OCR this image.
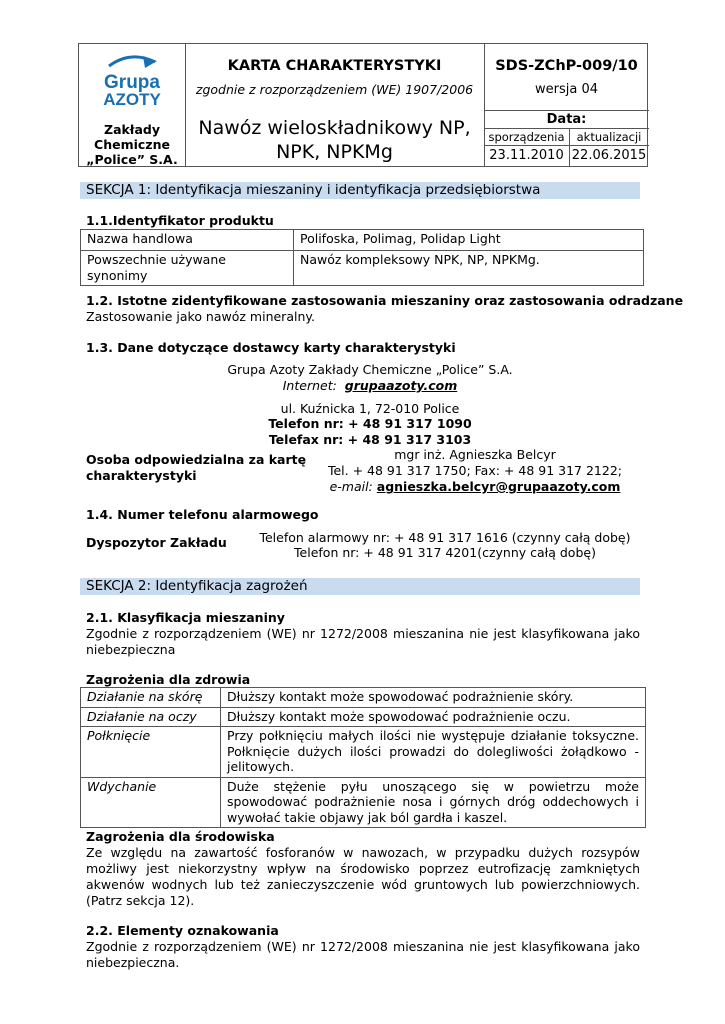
Grupa
AZOTY
Zakłady
Chemiczne
„Police” S.A.
KARTA CHARAKTERYSTYKI
zgodnie z rozporządzeniem (WE) 1907/2006
Nawóz wieloskładnikowy NP,
NPK, NPKMg
SDS-ZChP-009/10
wersja 04
Data:
sporządzenia	aktualizacji
23.11.2010 22.06.2015
SEKCJA 1: Identyfikacja mieszaniny i identyfikacja przedsiębiorstwa
1.1.Identyfikator produktu
Nazwa handlowa	Polifoska, Polimag, Polidap Light
Powszechnie używane synonimy	Nawóz kompleksowy NPK, NP, NPKMg.
1.2. Istotne zidentyfikowane zastosowania mieszaniny oraz zastosowania odradzane
Zastosowanie jako nawóz mineralny.
1.3. Dane dotyczące dostawcy karty charakterystyki
Grupa Azoty Zakłady Chemiczne „Police” S.A.
Internet:  grupaazoty.com
ul. Kuźnicka 1, 72-010 Police
Telefon nr: + 48 91 317 1090
Telefax nr: + 48 91 317 3103
Osoba odpowiedzialna za kartę
charakterystyki
mgr inż. Agnieszka Belcyr
Tel. + 48 91 317 1750; Fax: + 48 91 317 2122;
e-mail: agnieszka.belcyr@grupaazoty.com
1.4. Numer telefonu alarmowego
Dyspozytor Zakładu	Telefon alarmowy nr: + 48 91 317 1616 (czynny całą dobę)
Telefon nr: + 48 91 317 4201(czynny całą dobę)
SEKCJA 2: Identyfikacja zagrożeń
2.1. Klasyfikacja mieszaniny
Zgodnie z rozporządzeniem (WE) nr 1272/2008 mieszanina nie jest klasyfikowana jako niebezpieczna
Zagrożenia dla zdrowia
Działanie na skórę	Dłuższy kontakt może spowodować podrażnienie skóry.
Działanie na oczy	Dłuższy kontakt może spowodować podrażnienie oczu.
Połknięcie	Przy połknięciu małych ilości nie występuje działanie toksyczne. Połknięcie dużych ilości prowadzi do dolegliwości żołądkowo - jelitowych.
Wdychanie	Duże stężenie pyłu unoszącego się w powietrzu może spowodować podrażnienie nosa i górnych dróg oddechowych i wywołać takie objawy jak ból gardła i kaszel.
Zagrożenia dla środowiska
Ze względu na zawartość fosforanów w nawozach, w przypadku dużych rozsypów możliwy jest niekorzystny wpływ na środowisko poprzez eutrofizację zamkniętych akwenów wodnych lub też zanieczyszczenie wód gruntowych lub powierzchniowych. (Patrz sekcja 12).
2.2. Elementy oznakowania
Zgodnie z rozporządzeniem (WE) nr 1272/2008 mieszanina nie jest klasyfikowana jako niebezpieczna.
